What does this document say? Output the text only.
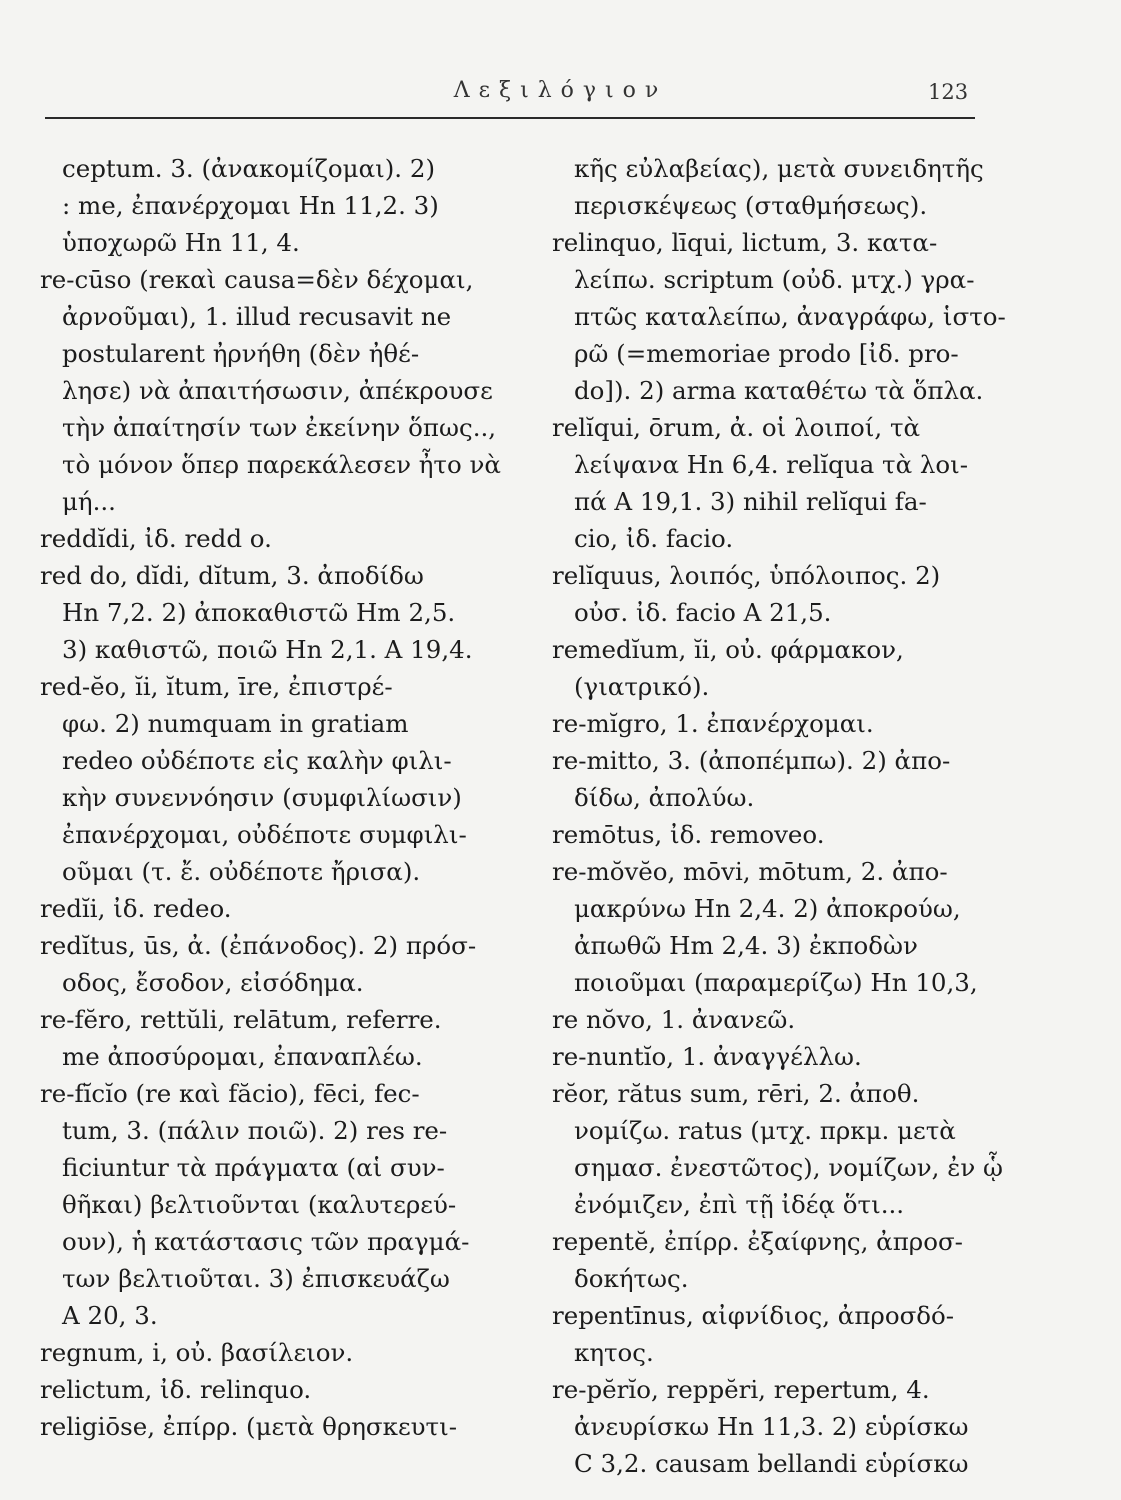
Λεξιλόγιον	123
ceptum. 3. (ἀνακομίζομαι). 2)
: me, ἐπανέρχομαι Hn 11,2. 3)
ὑποχωρῶ Hn 11, 4.
re-cūso (reκαὶ causa=δὲν δέχομαι,
ἀρνοῦμαι), 1. illud recusavit ne
postularent ἠρνήθη (δὲν ἠθέ-
λησε) νὰ ἀπαιτήσωσιν, ἀπέκρουσε
τὴν ἀπαίτησίν των ἐκείνην ὅπως..,
τὸ μόνον ὅπερ παρεκάλεσεν ἦτο νὰ
μή...
reddĭdi, ἰδ. redd o.
red do, dĭdi, dĭtum, 3. ἀποδίδω
Hn 7,2. 2) ἀποκαθιστῶ Hm 2,5.
3) καθιστῶ, ποιῶ Hn 2,1. A 19,4.
red-ĕo, ĭi, ĭtum, īre, ἐπιστρέ-
φω. 2) numquam in gratiam
redeo οὐδέποτε εἰς καλὴν φιλι-
κὴν συνεννόησιν (συμφιλίωσιν)
ἐπανέρχομαι, οὐδέποτε συμφιλι-
οῦμαι (τ. ἔ. οὐδέποτε ἤρισα).
redĭi, ἰδ. redeo.
redĭtus, ūs, ἀ. (ἐπάνοδος). 2) πρόσ-
οδος, ἔσοδον, εἰσόδημα.
re-fĕro, rettŭli, relātum, referre.
me ἀποσύρομαι, ἐπαναπλέω.
re-fĭcĭo (re καὶ făcio), fēci, fec-
tum, 3. (πάλιν ποιῶ). 2) res re-
ficiuntur τὰ πράγματα (αἱ συν-
θῆκαι) βελτιοῦνται (καλυτερεύ-
ουν), ἡ κατάστασις τῶν πραγμά-
των βελτιοῦται. 3) ἐπισκευάζω
A 20, 3.
regnum, i, οὐ. βασίλειον.
relictum, ἰδ. relinquo.
religiōse, ἐπίρρ. (μετὰ θρησκευτι-
κῆς εὐλαβείας), μετὰ συνειδητῆς
περισκέψεως (σταθμήσεως).
relinquo, līqui, lictum, 3. κατα-
λείπω. scriptum (οὐδ. μτχ.) γρα-
πτῶς καταλείπω, ἀναγράφω, ἱστο-
ρῶ (=memoriae prodo [ἰδ. pro-
do]). 2) arma καταθέτω τὰ ὅπλα.
relĭqui, ōrum, ἀ. οἱ λοιποί, τὰ
λείψανα Hn 6,4. relĭqua τὰ λοι-
πά A 19,1. 3) nihil relĭqui fa-
cio, ἰδ. facio.
relĭquus, λοιπός, ὑπόλοιπος. 2)
οὐσ. ἰδ. facio A 21,5.
remedĭum, ĭi, οὐ. φάρμακον,
(γιατρικό).
re-mĭgro, 1. ἐπανέρχομαι.
re-mitto, 3. (ἀποπέμπω). 2) ἀπο-
δίδω, ἀπολύω.
remōtus, ἰδ. removeo.
re-mŏvĕo, mōvi, mōtum, 2. ἀπο-
μακρύνω Hn 2,4. 2) ἀποκρούω,
ἀπωθῶ Hm 2,4. 3) ἐκποδὼν
ποιοῦμαι (παραμερίζω) Hn 10,3,
re nŏvo, 1. ἀνανεῶ.
re-nuntĭo, 1. ἀναγγέλλω.
rĕor, rătus sum, rēri, 2. ἀποθ.
νομίζω. ratus (μτχ. πρκμ. μετὰ
σημασ. ἐνεστῶτος), νομίζων, ἐν ᾧ
ἐνόμιζεν, ἐπὶ τῇ ἰδέᾳ ὅτι...
repentĕ, ἐπίρρ. ἐξαίφνης, ἀπροσ-
δοκήτως.
repentīnus, αἰφνίδιος, ἀπροσδό-
κητος.
re-pĕrĭo, reppĕri, repertum, 4.
ἀνευρίσκω Hn 11,3. 2) εὑρίσκω
C 3,2. causam bellandi εὑρίσκω
